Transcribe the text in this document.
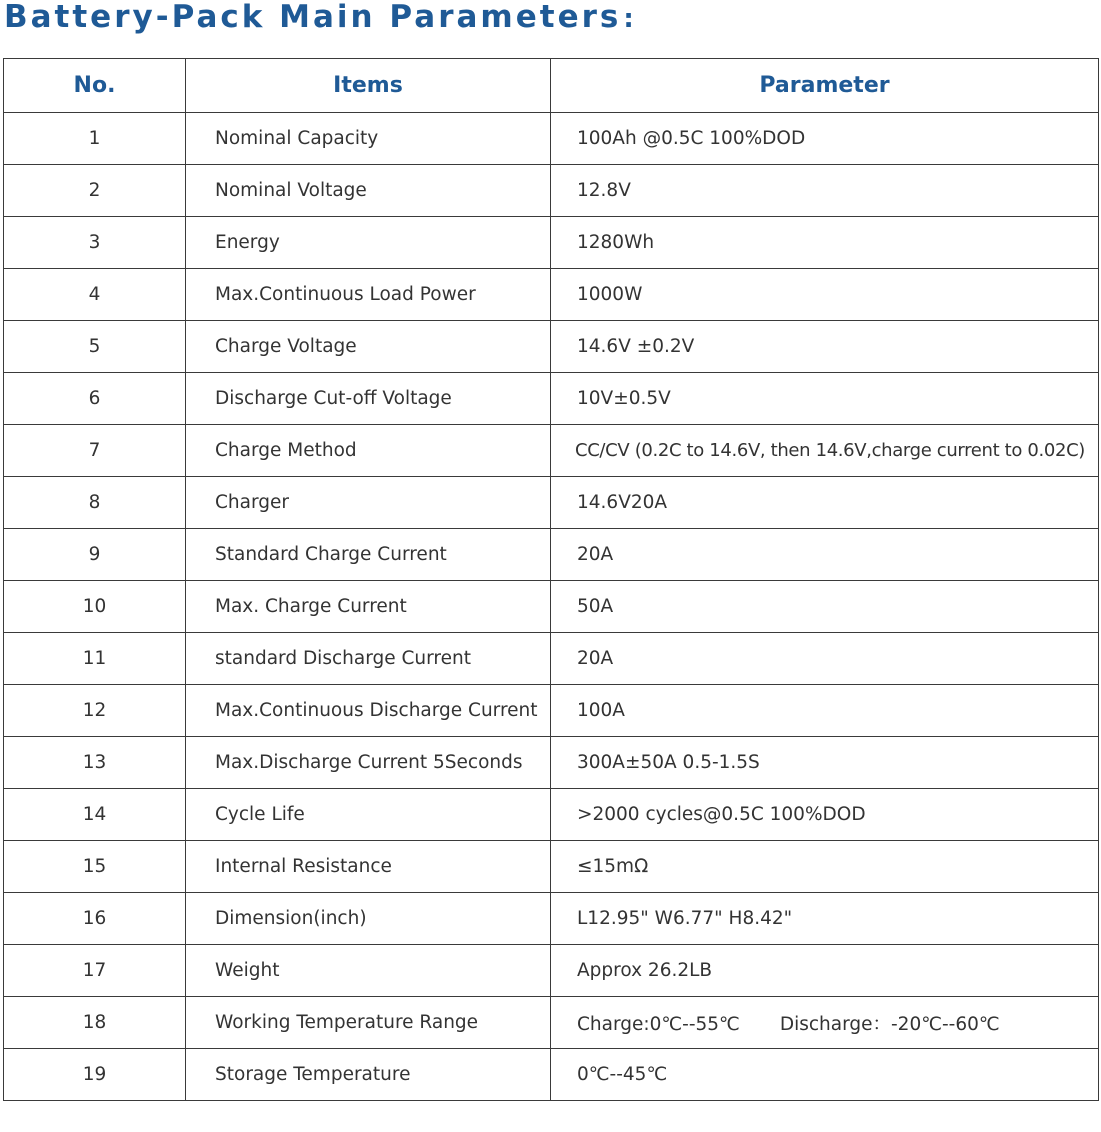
Battery-Pack Main Parameters:
No.	Items	Parameter
1	Nominal Capacity	100Ah @0.5C 100%DOD
2	Nominal Voltage	12.8V
3	Energy	1280Wh
4	Max.Continuous Load Power	1000W
5	Charge Voltage	14.6V ±0.2V
6	Discharge Cut-off Voltage	10V±0.5V
7	Charge Method	CC/CV (0.2C to 14.6V, then 14.6V,charge current to 0.02C)
8	Charger	14.6V20A
9	Standard Charge Current	20A
10	Max. Charge Current	50A
11	standard Discharge Current	20A
12	Max.Continuous Discharge Current	100A
13	Max.Discharge Current 5Seconds	300A±50A 0.5-1.5S
14	Cycle Life	>2000 cycles@0.5C 100%DOD
15	Internal Resistance	≤15mΩ
16	Dimension(inch)	L12.95" W6.77" H8.42"
17	Weight	Approx 26.2LB
18	Working Temperature Range	Charge:0℃--55℃ Discharge：-20℃--60℃
19	Storage Temperature	0℃--45℃
